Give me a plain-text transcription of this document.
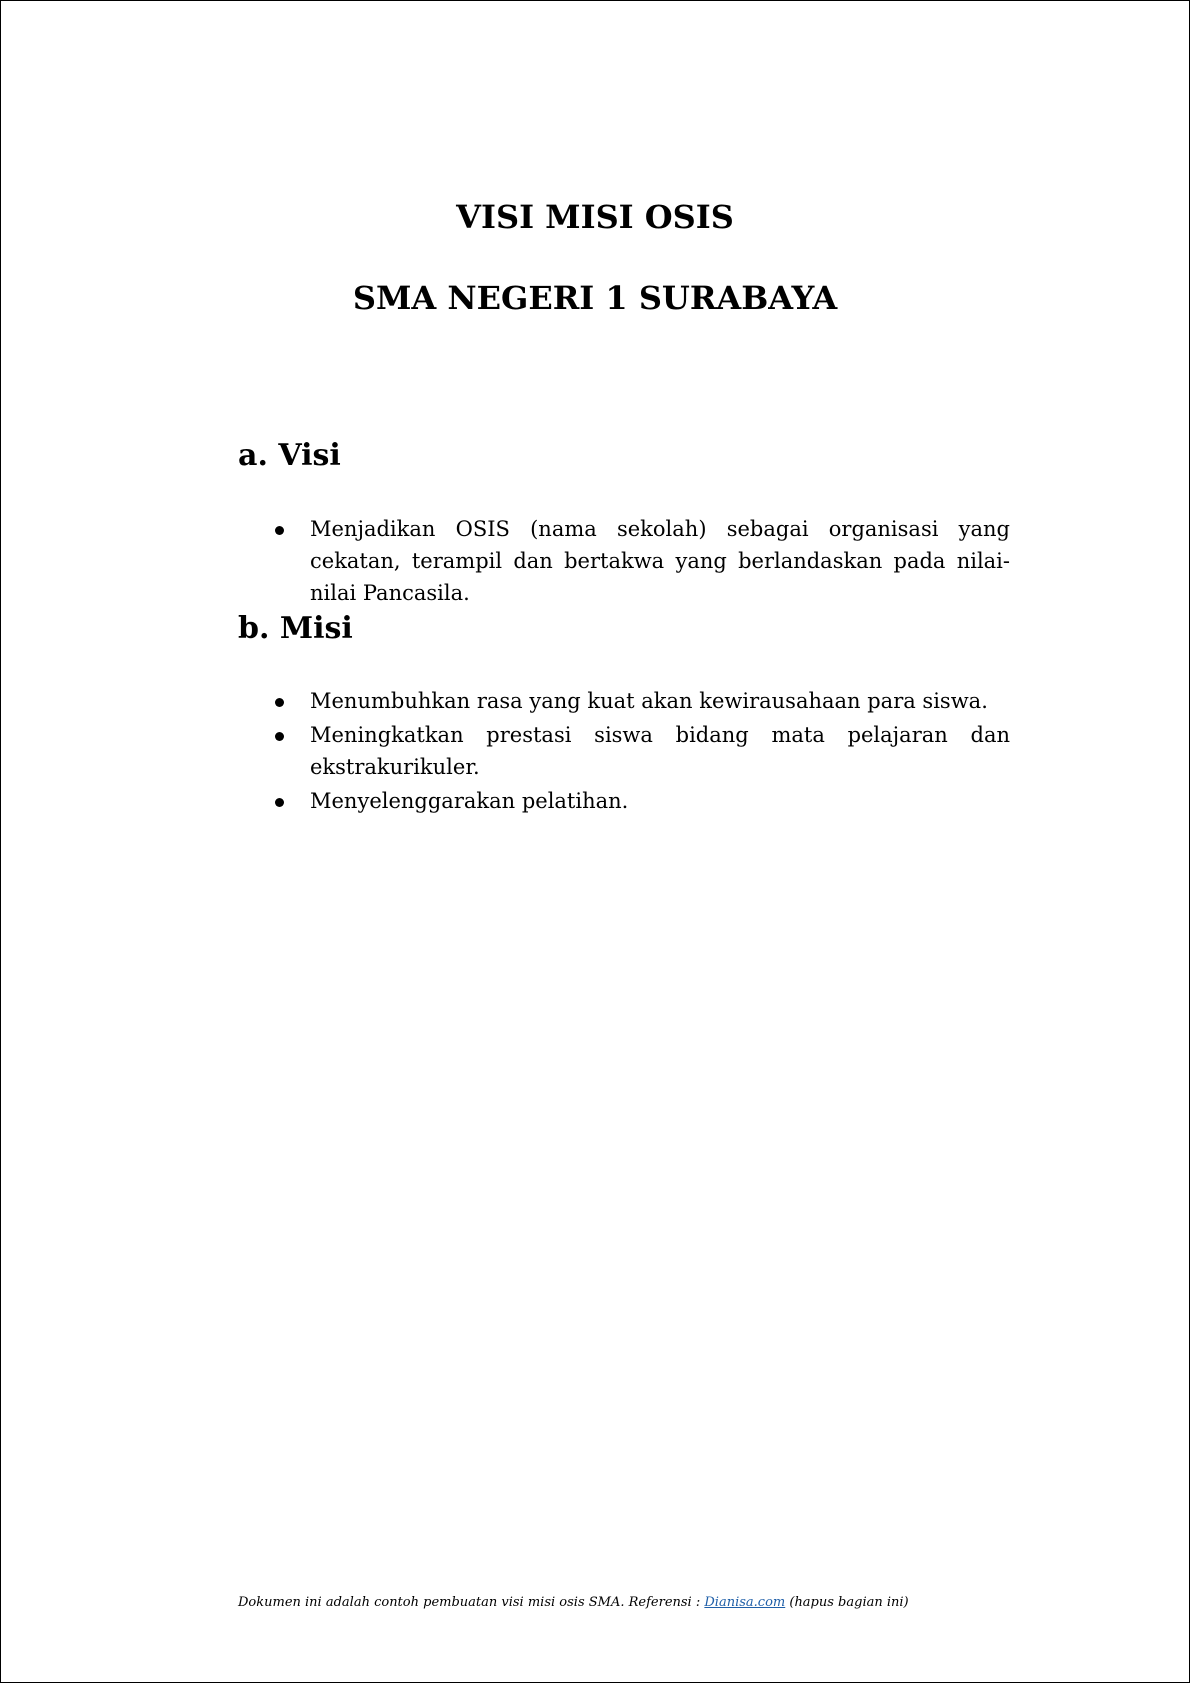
VISI MISI OSIS
SMA NEGERI 1 SURABAYA
a. Visi
Menjadikan OSIS (nama sekolah) sebagai organisasi yang cekatan, terampil dan bertakwa yang berlandaskan pada nilai-nilai Pancasila.
b. Misi
Menumbuhkan rasa yang kuat akan kewirausahaan para siswa.
Meningkatkan prestasi siswa bidang mata pelajaran dan ekstrakurikuler.
Menyelenggarakan pelatihan.
Dokumen ini adalah contoh pembuatan visi misi osis SMA. Referensi : Dianisa.com (hapus bagian ini)
